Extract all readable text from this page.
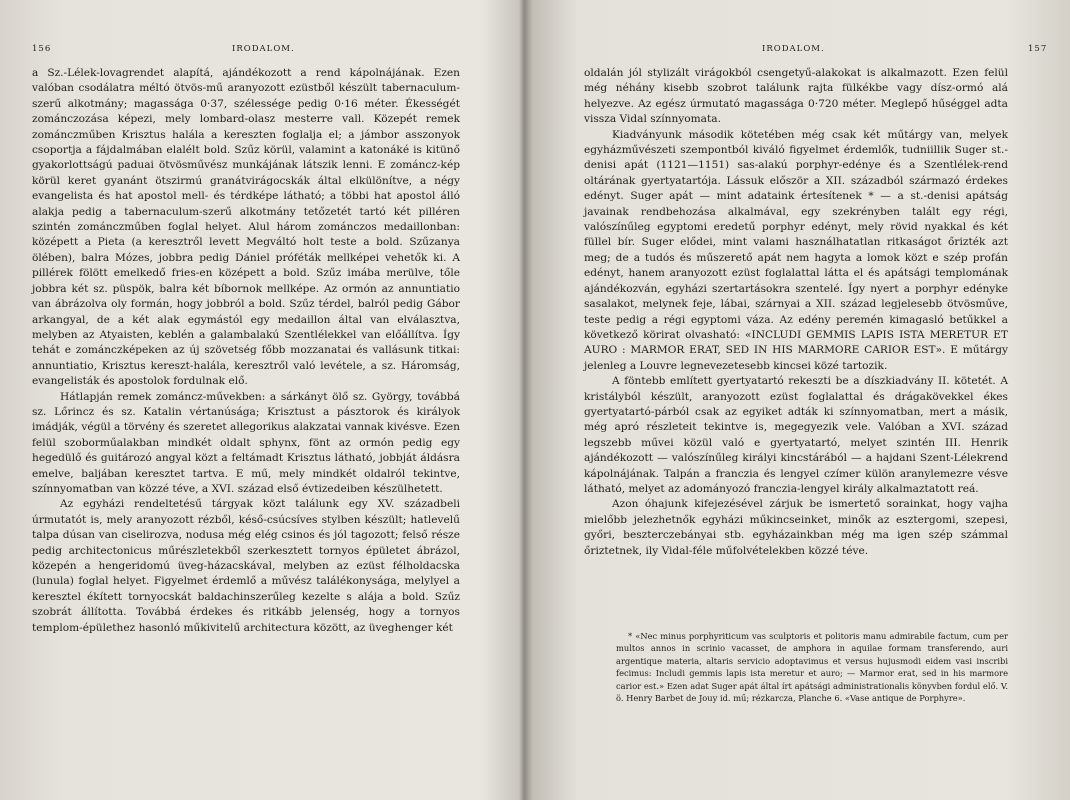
156	IRODALOM.

a Sz.-Lélek-lovagrendet alapítá, ajándékozott a rend kápolnájának. Ezen valóban csodálatra méltó ötvös-mű aranyozott ezüstből készült tabernaculum-szerű alkotmány; magassága 0·37, szélessége pedig 0·16 méter. Ékességét zománczozása képezi, mely lombard-olasz mesterre vall. Közepét remek zománczműben Krisztus halála a kereszten foglalja el; a jámbor asszonyok csoportja a fájdalmában elalélt bold. Szűz körül, valamint a katonáké is kitünő gyakorlottságú paduai ötvösművész munkájának látszik lenni. E zománcz-kép körül keret gyanánt ötszirmú granátvirágocskák által elkülönítve, a négy evangelista és hat apostol mell- és térdképe látható; a többi hat apostol álló alakja pedig a tabernaculum-szerű alkotmány tetőzetét tartó két pilléren szintén zománczműben foglal helyet. Alul három zománczos medaillonban: középett a Pieta (a keresztről levett Megváltó holt teste a bold. Szűzanya ölében), balra Mózes, jobbra pedig Dániel próféták mellképei vehetők ki. A pillérek fölött emelkedő fries-en középett a bold. Szűz imába merülve, tőle jobbra két sz. püspök, balra két bíbornok mellképe. Az ormón az annuntiatio van ábrázolva oly formán, hogy jobbról a bold. Szűz térdel, balról pedig Gábor arkangyal, de a két alak egymástól egy medaillon által van elválasztva, melyben az Atyaisten, keblén a galambalakú Szentlélekkel van előállítva. Így tehát e zománczképeken az új szövetség főbb mozzanatai és vallásunk titkai: annuntiatio, Krisztus kereszt-halála, keresztről való levétele, a sz. Háromság, evangelisták és apostolok fordulnak elő.

Hátlapján remek zománcz-művekben: a sárkányt ölő sz. György, továbbá sz. Lőrincz és sz. Katalin vértanúsága; Krisztust a pásztorok és királyok imádják, végül a törvény és szeretet allegorikus alakzatai vannak kivésve. Ezen felül szoborműalakban mindkét oldalt sphynx, fönt az ormón pedig egy hegedülő és guitározó angyal közt a feltámadt Krisztus látható, jobbját áldásra emelve, baljában keresztet tartva. E mű, mely mindkét oldalról tekintve, színnyomatban van közzé téve, a XVI. század első évtizedeiben készülhetett.

Az egyházi rendeltetésű tárgyak közt találunk egy XV. századbeli úrmutatót is, mely aranyozott rézből, késő-csúcsíves stylben készült; hatlevelű talpa dúsan van ciselirozva, nodusa még elég csinos és jól tagozott; felső része pedig architectonicus műrészletekből szerkesztett tornyos épületet ábrázol, közepén a hengeridomú üveg-házacskával, melyben az ezüst félholdacska (lunula) foglal helyet. Figyelmet érdemlő a művész találékonysága, melylyel a keresztel ékített tornyocskát baldachinszerűleg kezelte s alája a bold. Szűz szobrát állította. Továbbá érdekes és ritkább jelenség, hogy a tornyos templom-épülethez hasonló műkivitelű architectura között, az üveghenger két

IRODALOM.	157

oldalán jól stylizált virágokból csengetyű-alakokat is alkalmazott. Ezen felül még néhány kisebb szobrot találunk rajta fülkékbe vagy dísz-ormó alá helyezve. Az egész úrmutató magassága 0·720 méter. Meglepő hűséggel adta vissza Vidal színnyomata.

Kiadványunk második kötetében még csak két műtárgy van, melyek egyházművészeti szempontból kiváló figyelmet érdemlők, tudniillik Suger st.-denisi apát (1121—1151) sas-alakú porphyr-edénye és a Szentlélek-rend oltárának gyertyatartója. Lássuk először a XII. századból származó érdekes edényt. Suger apát — mint adataink értesítenek * — a st.-denisi apátság javainak rendbehozása alkalmával, egy szekrényben talált egy régi, valószínűleg egyptomi eredetű porphyr edényt, mely rövid nyakkal és két füllel bír. Suger elődei, mint valami használhatatlan ritkaságot őrizték azt meg; de a tudós és műszerető apát nem hagyta a lomok közt e szép profán edényt, hanem aranyozott ezüst foglalattal látta el és apátsági templomának ajándékozván, egyházi szertartásokra szentelé. Így nyert a porphyr edényke sasalakot, melynek feje, lábai, szárnyai a XII. század legjelesebb ötvösműve, teste pedig a régi egyptomi váza. Az edény peremén kimagasló betűkkel a következő körirat olvasható: «INCLUDI GEMMIS LAPIS ISTA MERETUR ET AURO : MARMOR ERAT, SED IN HIS MARMORE CARIOR EST». E műtárgy jelenleg a Louvre legnevezetesebb kincsei közé tartozik.

A föntebb említett gyertyatartó rekeszti be a díszkiadvány II. kötetét. A kristályból készült, aranyozott ezüst foglalattal és drágakövekkel ékes gyertyatartó-párból csak az egyiket adták ki színnyomatban, mert a másik, még apró részleteit tekintve is, megegyezik vele. Valóban a XVI. század legszebb művei közül való e gyertyatartó, melyet szintén III. Henrik ajándékozott — valószínűleg királyi kincstárából — a hajdani Szent-Lélekrend kápolnájának. Talpán a franczia és lengyel czímer külön aranylemezre vésve látható, melyet az adományozó franczia-lengyel király alkalmaztatott reá.

Azon óhajunk kifejezésével zárjuk be ismertető sorainkat, hogy vajha mielőbb jelezhetnők egyházi műkincseinket, minők az esztergomi, szepesi, győri, beszterczebányai stb. egyházainkban még ma igen szép számmal őriztetnek, ily Vidal-féle műfolvételekben közzé téve.

* «Nec minus porphyriticum vas sculptoris et politoris manu admirabile factum, cum per multos annos in scrinio vacasset, de amphora in aquilae formam transferendo, auri argentique materia, altaris servicio adoptavimus et versus hujusmodi eidem vasi inscribi fecimus: Includi gemmis lapis ista meretur et auro; — Marmor erat, sed in his marmore carior est.» Ezen adat Suger apát által írt apátsági administrationalis könyvben fordul elő. V. ö. Henry Barbet de Jouy id. mű; rézkarcza, Planche 6. «Vase antique de Porphyre».
